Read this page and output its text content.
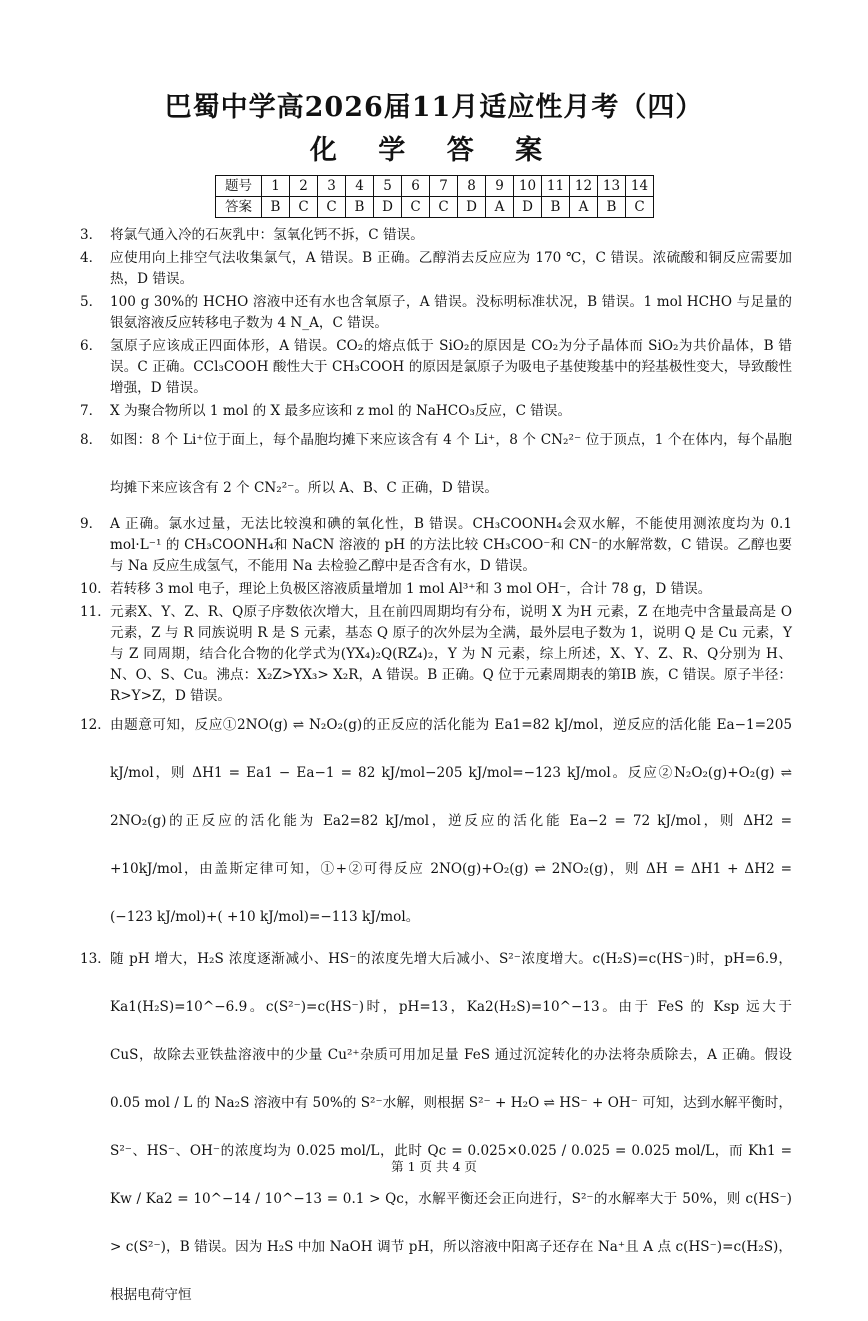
巴蜀中学高2026届11月适应性月考（四）
化 学 答 案
题号	1	2	3	4	5	6	7	8	9	10	11	12	13	14
答案	B	C	C	B	D	C	C	D	A	D	B	A	B	C
3． 将氯气通入冷的石灰乳中：氢氧化钙不拆，C 错误。
4． 应使用向上排空气法收集氯气，A 错误。B 正确。乙醇消去反应应为 170 ℃，C 错误。浓硫酸和铜反应需要加热，D 错误。
5． 100 g 30%的 HCHO 溶液中还有水也含氧原子，A 错误。没标明标准状况，B 错误。1 mol HCHO 与足量的银氨溶液反应转移电子数为 4 N_A，C 错误。
6． 氢原子应该成正四面体形，A 错误。CO₂的熔点低于 SiO₂的原因是 CO₂为分子晶体而 SiO₂为共价晶体，B 错误。C 正确。CCl₃COOH 酸性大于 CH₃COOH 的原因是氯原子为吸电子基使羧基中的羟基极性变大，导致酸性增强，D 错误。
7． X 为聚合物所以 1 mol 的 X 最多应该和 z mol 的 NaHCO₃反应，C 错误。
8． 如图：8 个 Li⁺位于面上，每个晶胞均摊下来应该含有 4 个 Li⁺，8 个 CN₂²⁻ 位于顶点，1 个在体内，每个晶胞均摊下来应该含有 2 个 CN₂²⁻。所以 A、B、C 正确，D 错误。
9． A 正确。氯水过量，无法比较溴和碘的氧化性，B 错误。CH₃COONH₄会双水解，不能使用测浓度均为 0.1 mol·L⁻¹ 的 CH₃COONH₄和 NaCN 溶液的 pH 的方法比较 CH₃COO⁻和 CN⁻的水解常数，C 错误。乙醇也要与 Na 反应生成氢气，不能用 Na 去检验乙醇中是否含有水，D 错误。
10． 若转移 3 mol 电子，理论上负极区溶液质量增加 1 mol Al³⁺和 3 mol OH⁻，合计 78 g，D 错误。
11． 元素X、Y、Z、R、Q原子序数依次增大，且在前四周期均有分布，说明 X 为H 元素，Z 在地壳中含量最高是 O 元素，Z 与 R 同族说明 R 是 S 元素，基态 Q 原子的次外层为全满，最外层电子数为 1，说明 Q 是 Cu 元素，Y 与 Z 同周期，结合化合物的化学式为(YX₄)₂Q(RZ₄)₂，Y 为 N 元素，综上所述，X、Y、Z、R、Q分别为 H、N、O、S、Cu。沸点：X₂Z>YX₃> X₂R，A 错误。B 正确。Q 位于元素周期表的第ⅠB 族，C 错误。原子半径：R>Y>Z，D 错误。
12． 由题意可知，反应①2NO(g) ⇌ N₂O₂(g)的正反应的活化能为 Ea1=82 kJ/mol，逆反应的活化能 Ea−1=205 kJ/mol，则 ΔH1 = Ea1 − Ea−1 = 82 kJ/mol−205 kJ/mol=−123 kJ/mol。反应②N₂O₂(g)+O₂(g) ⇌ 2NO₂(g)的正反应的活化能为 Ea2=82 kJ/mol，逆反应的活化能 Ea−2 = 72 kJ/mol，则 ΔH2 = +10kJ/mol，由盖斯定律可知，①+②可得反应 2NO(g)+O₂(g) ⇌ 2NO₂(g)，则 ΔH = ΔH1 + ΔH2 = (−123 kJ/mol)+( +10 kJ/mol)=−113 kJ/mol。
13． 随 pH 增大，H₂S 浓度逐渐减小、HS⁻的浓度先增大后减小、S²⁻浓度增大。c(H₂S)=c(HS⁻)时，pH=6.9，Ka1(H₂S)=10^−6.9。c(S²⁻)=c(HS⁻)时，pH=13，Ka2(H₂S)=10^−13。由于 FeS 的 Ksp 远大于 CuS，故除去亚铁盐溶液中的少量 Cu²⁺杂质可用加足量 FeS 通过沉淀转化的办法将杂质除去，A 正确。假设 0.05 mol / L 的 Na₂S 溶液中有 50%的 S²⁻水解，则根据 S²⁻ + H₂O ⇌ HS⁻ + OH⁻ 可知，达到水解平衡时，S²⁻、HS⁻、OH⁻的浓度均为 0.025 mol/L，此时 Qc = 0.025×0.025 / 0.025 = 0.025 mol/L，而 Kh1 = Kw / Ka2 = 10^−14 / 10^−13 = 0.1 > Qc，水解平衡还会正向进行，S²⁻的水解率大于 50%，则 c(HS⁻) > c(S²⁻)，B 错误。因为 H₂S 中加 NaOH 调节 pH，所以溶液中阳离子还存在 Na⁺且 A 点 c(HS⁻)=c(H₂S)，根据电荷守恒
第 1 页 共 4 页
